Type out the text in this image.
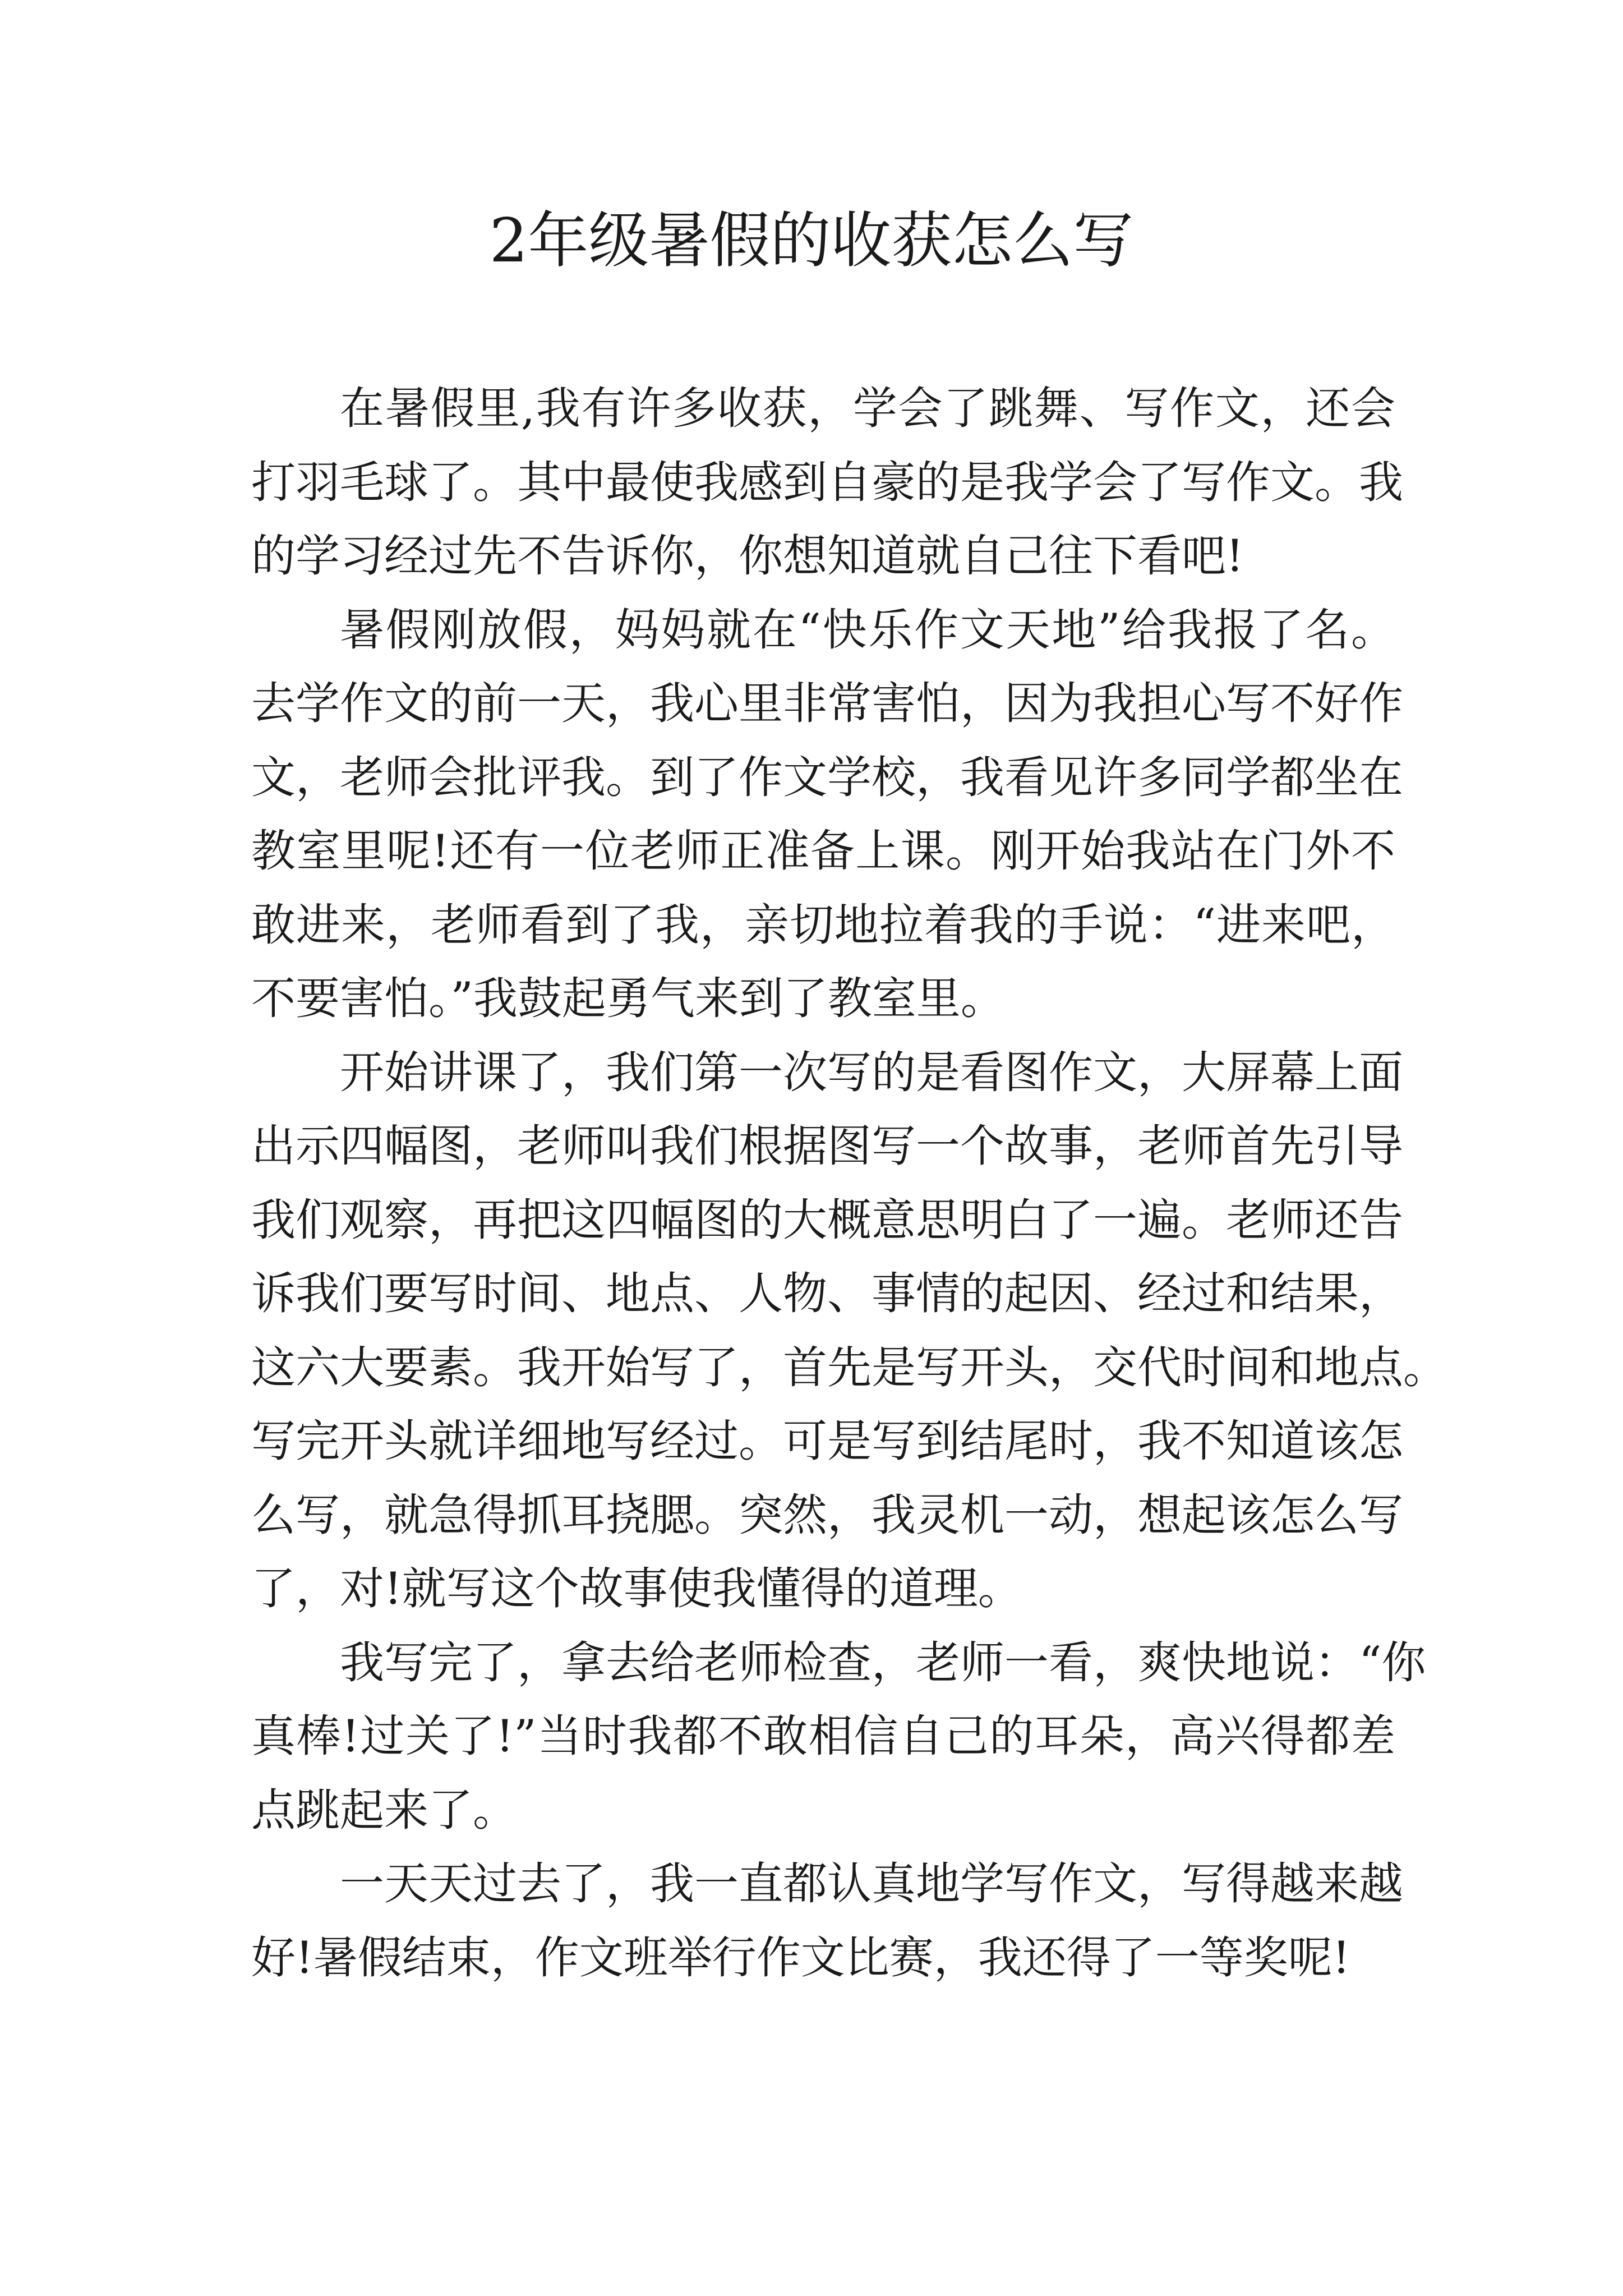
2年级暑假的收获怎么写
在暑假里,我有许多收获，学会了跳舞、写作文，还会
打羽毛球了。其中最使我感到自豪的是我学会了写作文。我
的学习经过先不告诉你，你想知道就自己往下看吧!
暑假刚放假，妈妈就在“快乐作文天地”给我报了名。
去学作文的前一天，我心里非常害怕，因为我担心写不好作
文，老师会批评我。到了作文学校，我看见许多同学都坐在
教室里呢!还有一位老师正准备上课。刚开始我站在门外不
敢进来，老师看到了我，亲切地拉着我的手说：“进来吧，
不要害怕。”我鼓起勇气来到了教室里。
开始讲课了，我们第一次写的是看图作文，大屏幕上面
出示四幅图，老师叫我们根据图写一个故事，老师首先引导
我们观察，再把这四幅图的大概意思明白了一遍。老师还告
诉我们要写时间、地点、人物、事情的起因、经过和结果，
这六大要素。我开始写了，首先是写开头，交代时间和地点。
写完开头就详细地写经过。可是写到结尾时，我不知道该怎
么写，就急得抓耳挠腮。突然，我灵机一动，想起该怎么写
了，对!就写这个故事使我懂得的道理。
我写完了，拿去给老师检查，老师一看，爽快地说：“你
真棒!过关了!”当时我都不敢相信自己的耳朵，高兴得都差
点跳起来了。
一天天过去了，我一直都认真地学写作文，写得越来越
好!暑假结束，作文班举行作文比赛，我还得了一等奖呢!
